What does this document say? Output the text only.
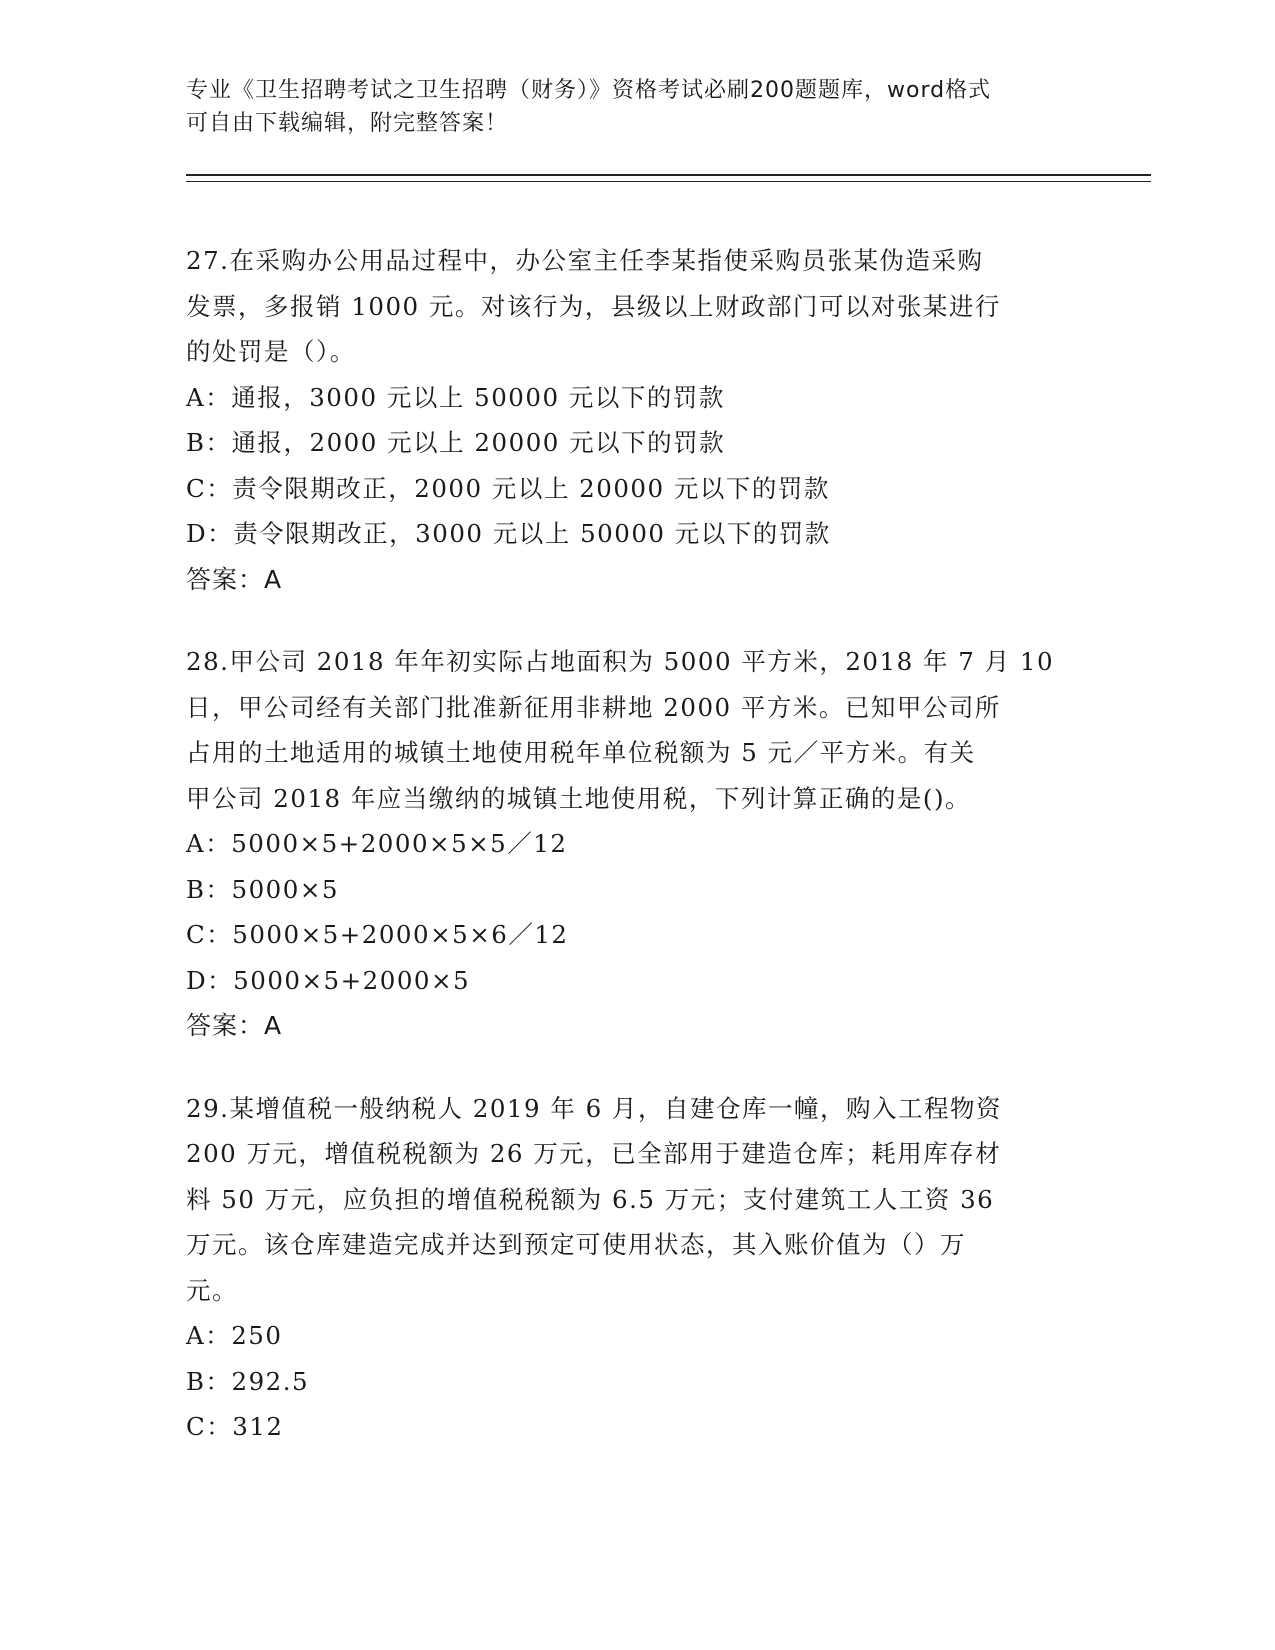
专业《卫生招聘考试之卫生招聘（财务）》资格考试必刷200题题库，word格式
可自由下载编辑，附完整答案！
27.在采购办公用品过程中，办公室主任李某指使采购员张某伪造采购
发票，多报销 1000 元。对该行为，县级以上财政部门可以对张某进行
的处罚是（）。
A：通报，3000 元以上 50000 元以下的罚款
B：通报，2000 元以上 20000 元以下的罚款
C：责令限期改正，2000 元以上 20000 元以下的罚款
D：责令限期改正，3000 元以上 50000 元以下的罚款
答案：A
28.甲公司 2018 年年初实际占地面积为 5000 平方米，2018 年 7 月 10
日，甲公司经有关部门批准新征用非耕地 2000 平方米。已知甲公司所
占用的土地适用的城镇土地使用税年单位税额为 5 元／平方米。有关
甲公司 2018 年应当缴纳的城镇土地使用税，下列计算正确的是()。
A：5000×5+2000×5×5／12
B：5000×5
C：5000×5+2000×5×6／12
D：5000×5+2000×5
答案：A
29.某增值税一般纳税人 2019 年 6 月，自建仓库一幢，购入工程物资
200 万元，增值税税额为 26 万元，已全部用于建造仓库；耗用库存材
料 50 万元，应负担的增值税税额为 6.5 万元；支付建筑工人工资 36
万元。该仓库建造完成并达到预定可使用状态，其入账价值为（）万
元。
A：250
B：292.5
C：312
